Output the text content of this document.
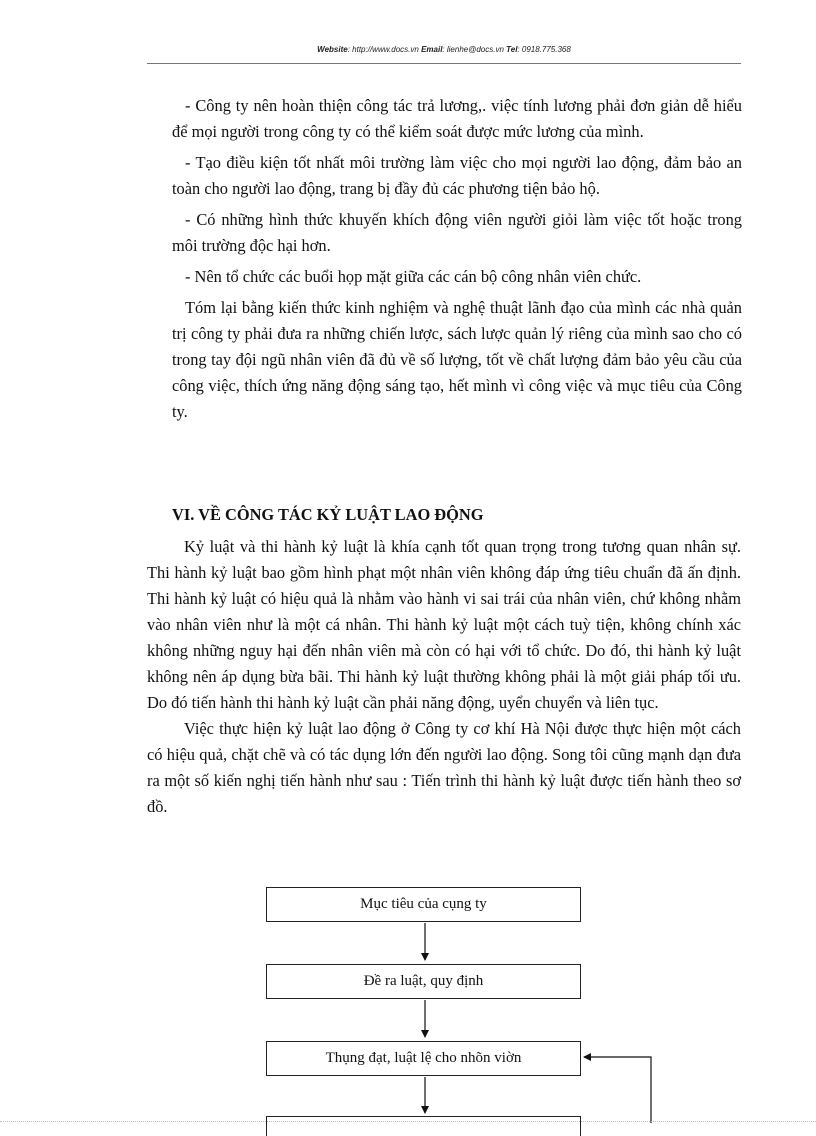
Website: http://www.docs.vn Email: lienhe@docs.vn Tel: 0918.775.368

- Công ty nên hoàn thiện công tác trả lương,. việc tính lương phải đơn giản dễ hiểu để mọi người trong công ty có thể kiểm soát được mức lương của mình.

- Tạo điều kiện tốt nhất môi trường làm việc cho mọi người lao động, đảm bảo an toàn cho người lao động, trang bị đầy đủ các phương tiện bảo hộ.

- Có những hình thức khuyến khích động viên người giỏi làm việc tốt hoặc trong môi trường độc hại hơn.

- Nên tổ chức các buổi họp mặt giữa các cán bộ công nhân viên chức.

Tóm lại bằng kiến thức kinh nghiệm và nghệ thuật lãnh đạo của mình các nhà quản trị công ty phải đưa ra những chiến lược, sách lược quản lý riêng của mình sao cho có trong tay đội ngũ nhân viên đã đủ về số lượng, tốt về chất lượng đảm bảo yêu cầu của công việc, thích ứng năng động sáng tạo, hết mình vì công việc và mục tiêu của Công ty.

VI. VỀ CÔNG TÁC KỶ LUẬT LAO ĐỘNG

Kỷ luật và thi hành kỷ luật là khía cạnh tốt quan trọng trong tương quan nhân sự. Thi hành kỷ luật bao gồm hình phạt một nhân viên không đáp ứng tiêu chuẩn đã ấn định. Thi hành kỷ luật có hiệu quả là nhằm vào hành vi sai trái của nhân viên, chứ không nhằm vào nhân viên như là một cá nhân. Thi hành kỷ luật một cách tuỳ tiện, không chính xác không những nguy hại đến nhân viên mà còn có hại với tổ chức. Do đó, thi hành kỷ luật không nên áp dụng bừa bãi. Thi hành kỷ luật thường không phải là một giải pháp tối ưu. Do đó tiến hành thi hành kỷ luật cần phải năng động, uyển chuyển và liên tục.

Việc thực hiện kỷ luật lao động ở Công ty cơ khí Hà Nội được thực hiện một cách có hiệu quả, chặt chẽ và có tác dụng lớn đến người lao động. Song tôi cũng mạnh dạn đưa ra một số kiến nghị tiến hành như sau : Tiến trình thi hành kỷ luật được tiến hành theo sơ đồ.

Mục tiêu của cụng ty
Đề ra luật, quy định
Thụng đạt, luật lệ cho nhõn viờn
